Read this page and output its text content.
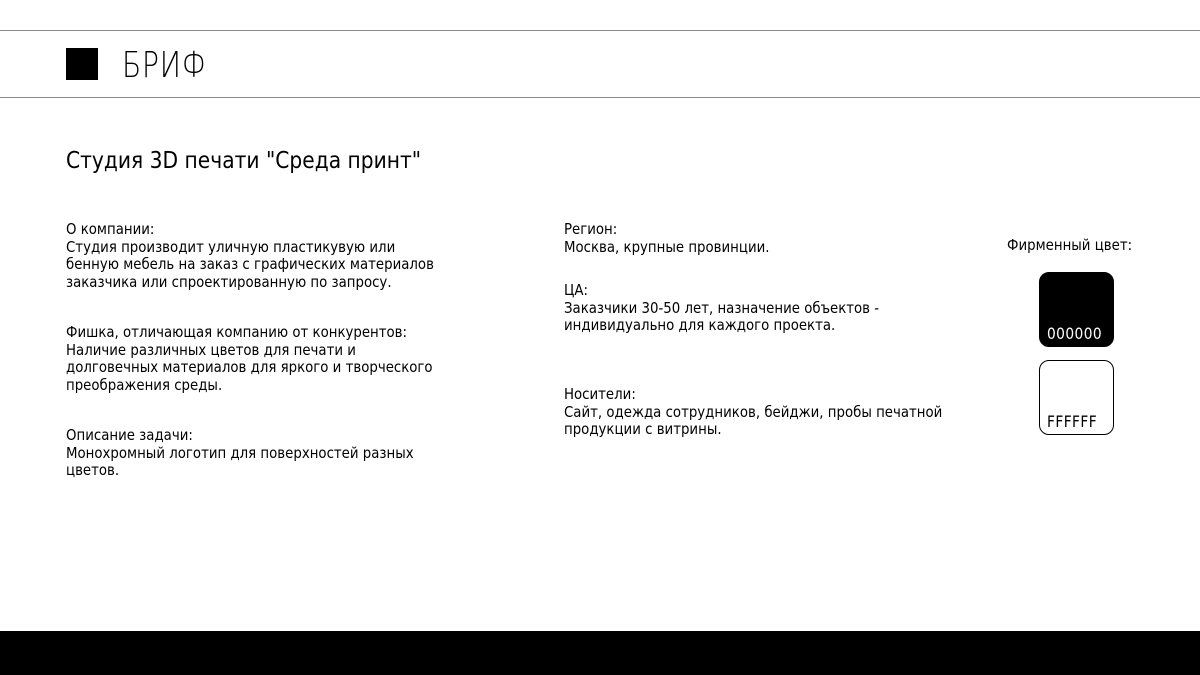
БРИФ
Студия 3D печати "Среда принт"
О компании:
Студия производит уличную пластикувую или
бенную мебель на заказ с графических материалов
заказчика или спроектированную по запросу.
Фишка, отличающая компанию от конкурентов:
Наличие различных цветов для печати и
долговечных материалов для яркого и творческого
преображения среды.
Описание задачи:
Монохромный логотип для поверхностей разных
цветов.
Регион:
Москва, крупные провинции.
ЦА:
Заказчики 30-50 лет, назначение объектов -
индивидуально для каждого проекта.
Носители:
Сайт, одежда сотрудников, бейджи, пробы печатной
продукции с витрины.
Фирменный цвет:
000000
FFFFFF
